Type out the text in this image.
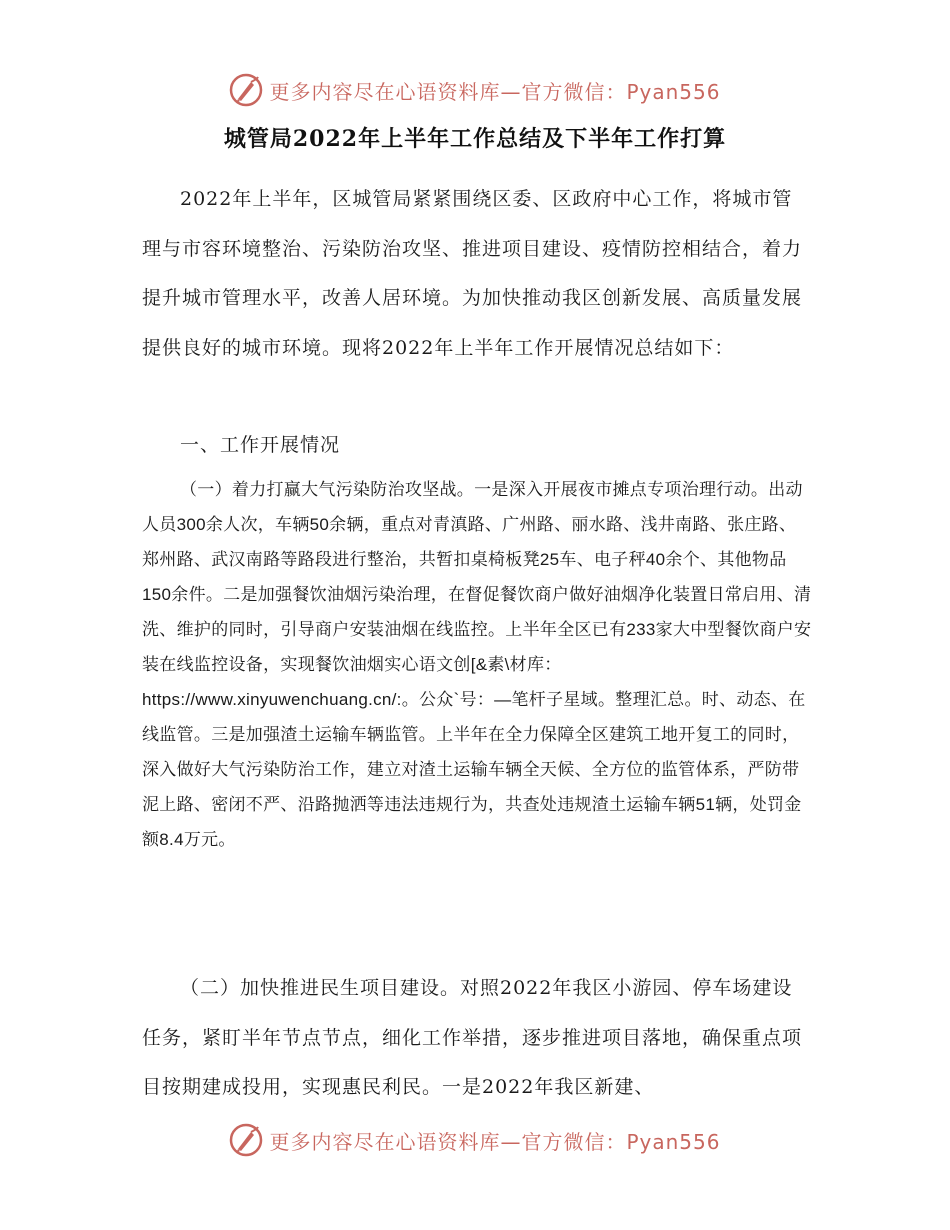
更多内容尽在心语资料库—官方微信：Pyan556
城管局2022年上半年工作总结及下半年工作打算

2022年上半年，区城管局紧紧围绕区委、区政府中心工作，将城市管理与市容环境整治、污染防治攻坚、推进项目建设、疫情防控相结合，着力提升城市管理水平，改善人居环境。为加快推动我区创新发展、高质量发展提供良好的城市环境。现将2022年上半年工作开展情况总结如下：

一、工作开展情况

（一）着力打赢大气污染防治攻坚战。一是深入开展夜市摊点专项治理行动。出动人员300余人次，车辆50余辆，重点对青滇路、广州路、丽水路、浅井南路、张庄路、郑州路、武汉南路等路段进行整治，共暂扣桌椅板凳25车、电子秤40余个、其他物品150余件。二是加强餐饮油烟污染治理，在督促餐饮商户做好油烟净化装置日常启用、清洗、维护的同时，引导商户安装油烟在线监控。上半年全区已有233家大中型餐饮商户安装在线监控设备，实现餐饮油烟实心语文创[&素\材库：https://www.xinyuwenchuang.cn/:。公众`号：—笔杆子星域。整理汇总。时、动态、在线监管。三是加强渣土运输车辆监管。上半年在全力保障全区建筑工地开复工的同时，深入做好大气污染防治工作，建立对渣土运输车辆全天候、全方位的监管体系，严防带泥上路、密闭不严、沿路抛洒等违法违规行为，共查处违规渣土运输车辆51辆，处罚金额8.4万元。

（二）加快推进民生项目建设。对照2022年我区小游园、停车场建设任务，紧盯半年节点节点，细化工作举措，逐步推进项目落地，确保重点项目按期建成投用，实现惠民利民。一是2022年我区新建、

更多内容尽在心语资料库—官方微信：Pyan556
